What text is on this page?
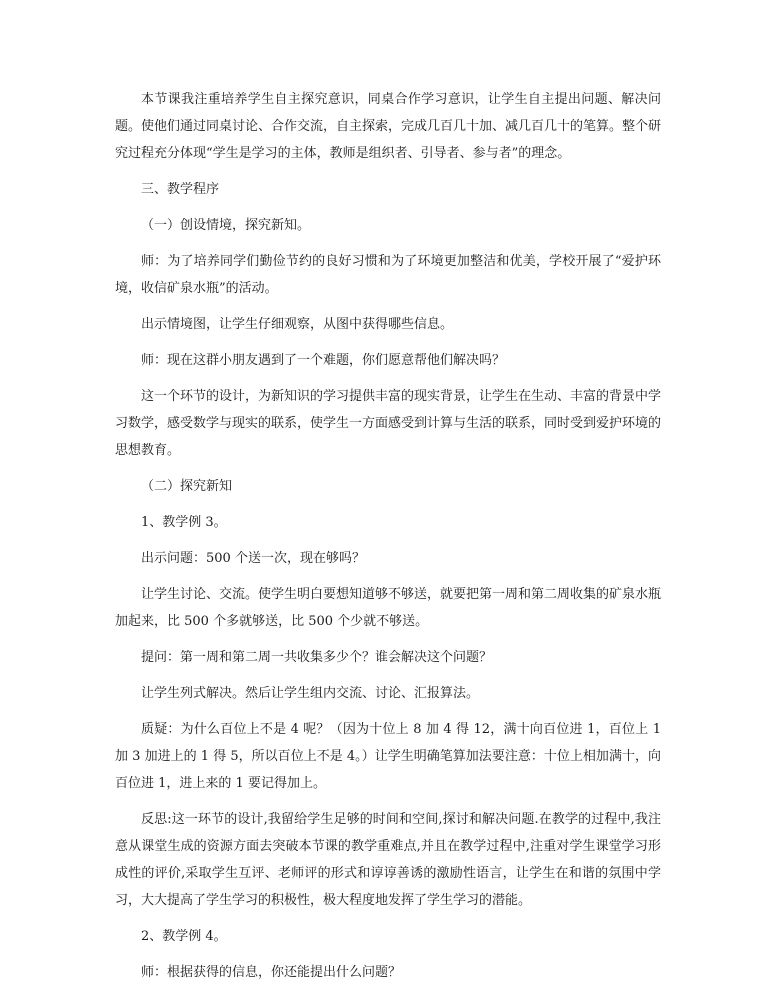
本节课我注重培养学生自主探究意识，同桌合作学习意识，让学生自主提出问题、解决问题。使他们通过同桌讨论、合作交流，自主探索，完成几百几十加、减几百几十的笔算。整个研究过程充分体现“学生是学习的主体，教师是组织者、引导者、参与者”的理念。

三、教学程序

（一）创设情境，探究新知。

师：为了培养同学们勤俭节约的良好习惯和为了环境更加整洁和优美，学校开展了“爱护环境，收信矿泉水瓶”的活动。

出示情境图，让学生仔细观察，从图中获得哪些信息。

师：现在这群小朋友遇到了一个难题，你们愿意帮他们解决吗？

这一个环节的设计，为新知识的学习提供丰富的现实背景，让学生在生动、丰富的背景中学习数学，感受数学与现实的联系，使学生一方面感受到计算与生活的联系，同时受到爱护环境的思想教育。

（二）探究新知

1、教学例 3。

出示问题：500 个送一次，现在够吗？

让学生讨论、交流。使学生明白要想知道够不够送，就要把第一周和第二周收集的矿泉水瓶加起来，比 500 个多就够送，比 500 个少就不够送。

提问：第一周和第二周一共收集多少个？谁会解决这个问题？

让学生列式解决。然后让学生组内交流、讨论、汇报算法。

质疑：为什么百位上不是 4 呢？（因为十位上 8 加 4 得 12，满十向百位进 1，百位上 1 加 3 加进上的 1 得 5，所以百位上不是 4。）让学生明确笔算加法要注意：十位上相加满十，向百位进 1，进上来的 1 要记得加上。

反思:这一环节的设计,我留给学生足够的时间和空间,探讨和解决问题.在教学的过程中,我注意从课堂生成的资源方面去突破本节课的教学重难点,并且在教学过程中,注重对学生课堂学习形成性的评价,采取学生互评、老师评的形式和谆谆善诱的激励性语言，让学生在和谐的氛围中学习，大大提高了学生学习的积极性，极大程度地发挥了学生学习的潜能。

2、教学例 4。

师：根据获得的信息，你还能提出什么问题？
